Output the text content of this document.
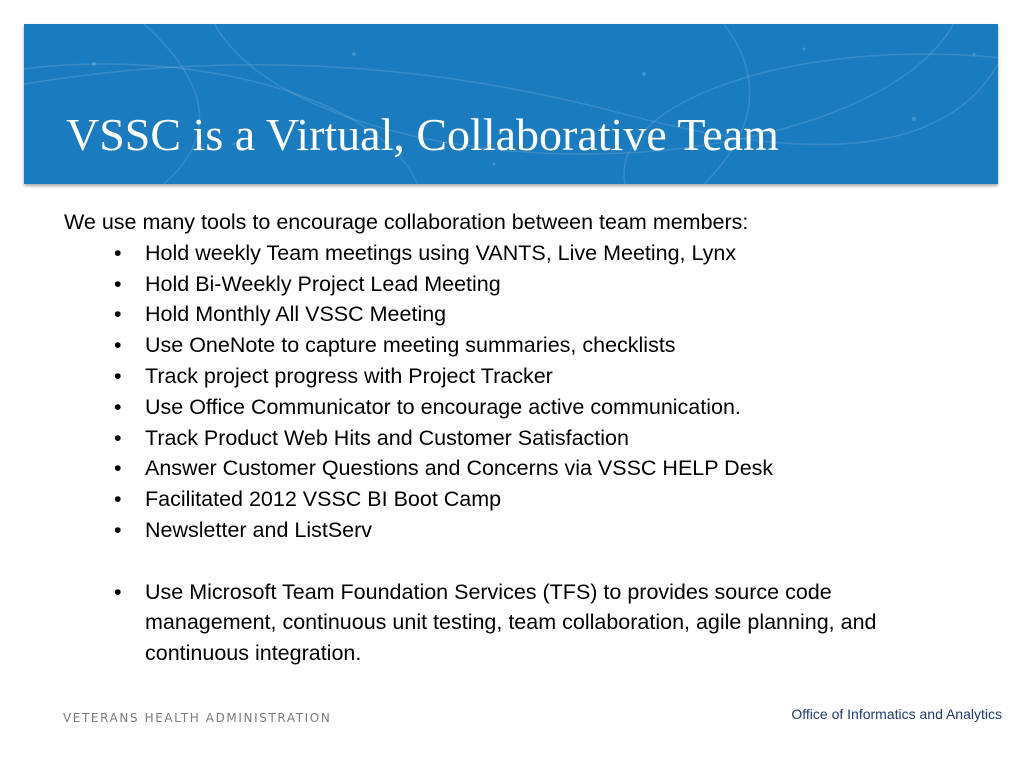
VSSC is a Virtual, Collaborative Team

We use many tools to encourage collaboration between team members:

• Hold weekly Team meetings using VANTS, Live Meeting, Lynx
• Hold Bi-Weekly Project Lead Meeting
• Hold Monthly All VSSC Meeting
• Use OneNote to capture meeting summaries, checklists
• Track project progress with Project Tracker
• Use Office Communicator to encourage active communication.
• Track Product Web Hits and Customer Satisfaction
• Answer Customer Questions and Concerns via VSSC HELP Desk
• Facilitated 2012 VSSC BI Boot Camp
• Newsletter and ListServ
• Use Microsoft Team Foundation Services (TFS) to provides source code management, continuous unit testing, team collaboration, agile planning, and continuous integration.
VETERANS HEALTH ADMINISTRATION	Office of Informatics and Analytics
